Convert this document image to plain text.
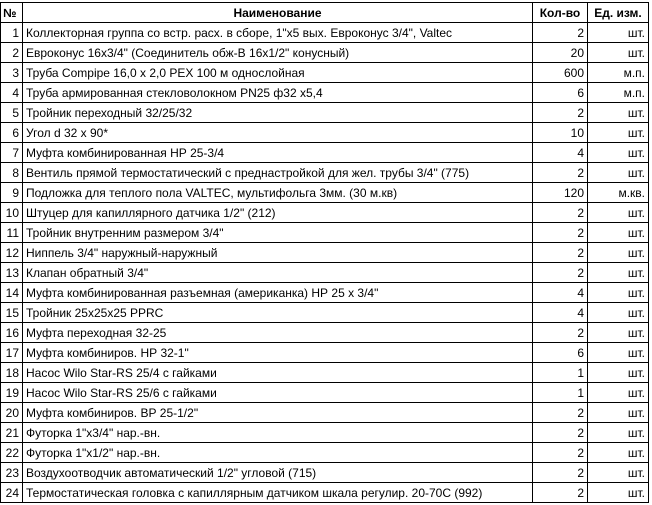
№	Наименование	Кол-во	Ед. изм.
1	Коллекторная группа со встр. расх. в сборе, 1"x5 вых. Евроконус 3/4", Valtec	2	шт.
2	Евроконус 16x3/4" (Соединитель обж-В 16x1/2" конусный)	20	шт.
3	Труба Compipe 16,0 x 2,0 PEX 100 м однослойная	600	м.п.
4	Труба армированная стекловолокном PN25 ф32 x5,4	6	м.п.
5	Тройник переходный 32/25/32	2	шт.
6	Угол d 32 x 90*	10	шт.
7	Муфта комбинированная НР 25-3/4	4	шт.
8	Вентиль прямой термостатический с преднастройкой для жел. трубы 3/4" (775)	2	шт.
9	Подложка для теплого пола VALTEC, мультифольга 3мм. (30 м.кв)	120	м.кв.
10	Штуцер для капиллярного датчика 1/2" (212)	2	шт.
11	Тройник внутренним размером 3/4"	2	шт.
12	Ниппель 3/4" наружный-наружный	2	шт.
13	Клапан обратный 3/4"	2	шт.
14	Муфта комбинированная разъемная (американка) НР 25 x 3/4"	4	шт.
15	Тройник 25x25x25 PPRC	4	шт.
16	Муфта переходная 32-25	2	шт.
17	Муфта комбиниров. НР 32-1"	6	шт.
18	Насос Wilo Star-RS 25/4 с гайками	1	шт.
19	Насос Wilo Star-RS 25/6 с гайками	1	шт.
20	Муфта комбиниров. ВР 25-1/2"	2	шт.
21	Футорка 1"x3/4" нар.-вн.	2	шт.
22	Футорка 1"x1/2" нар.-вн.	2	шт.
23	Воздухоотводчик автоматический 1/2" угловой (715)	2	шт.
24	Термостатическая головка с капиллярным датчиком шкала регулир. 20-70С (992)	2	шт.
